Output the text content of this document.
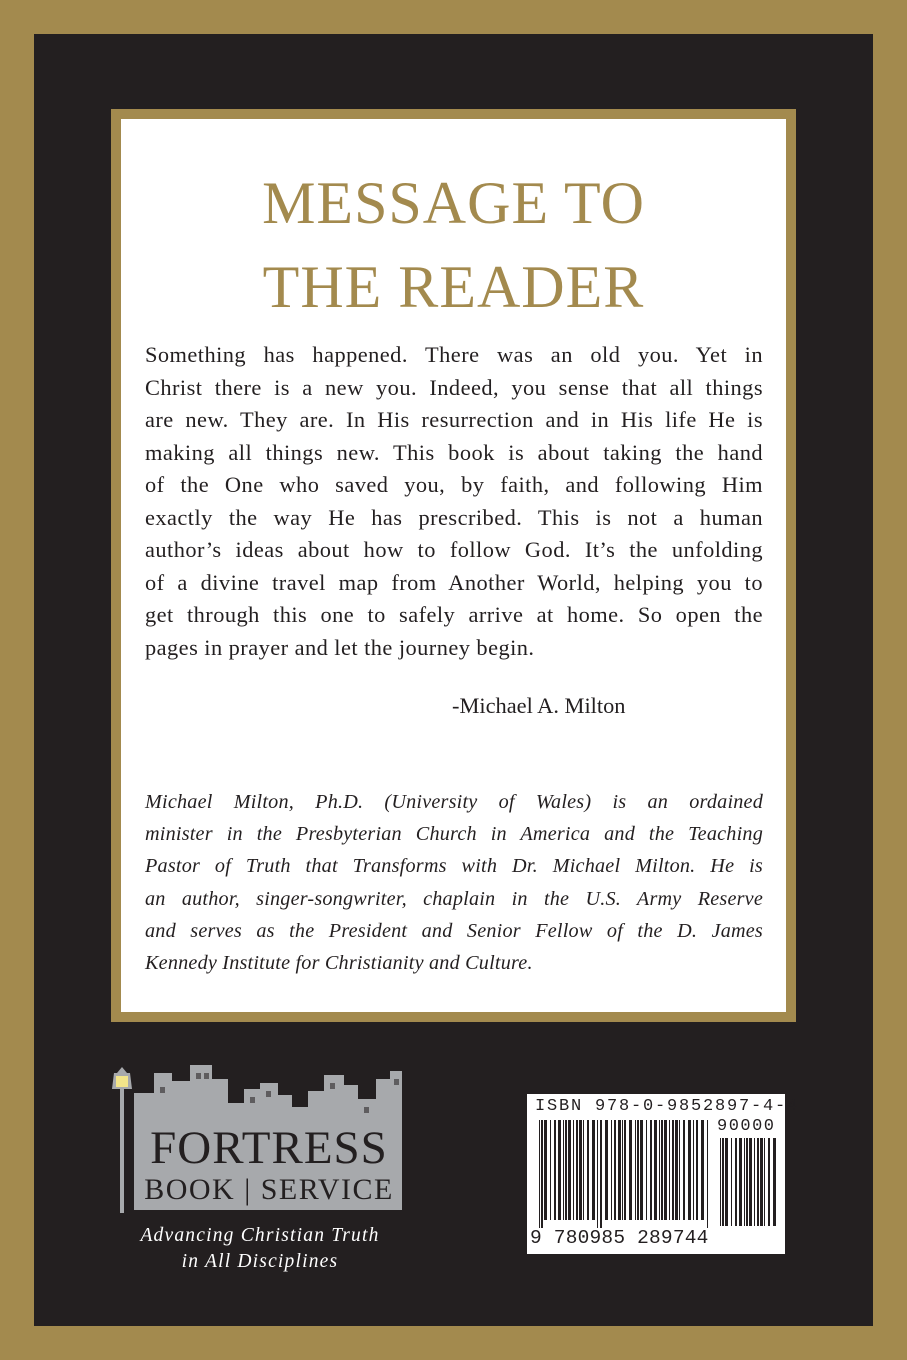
MESSAGE TO
THE READER
Something has happened. There was an old you. Yet in
Christ there is a new you. Indeed, you sense that all things
are new. They are. In His resurrection and in His life He is
making all things new. This book is about taking the hand
of the One who saved you, by faith, and following Him
exactly the way He has prescribed. This is not a human
author’s ideas about how to follow God. It’s the unfolding
of a divine travel map from Another World, helping you to
get through this one to safely arrive at home. So open the
pages in prayer and let the journey begin.
-Michael A. Milton
Michael Milton, Ph.D. (University of Wales) is an ordained
minister in the Presbyterian Church in America and the Teaching
Pastor of Truth that Transforms with Dr. Michael Milton. He is
an author, singer-songwriter, chaplain in the U.S. Army Reserve
and serves as the President and Senior Fellow of the D. James
Kennedy Institute for Christianity and Culture.
FORTRESS
BOOK | SERVICE
Advancing Christian Truth
in All Disciplines
ISBN 978-0-9852897-4-4
90000
9 780985 289744
